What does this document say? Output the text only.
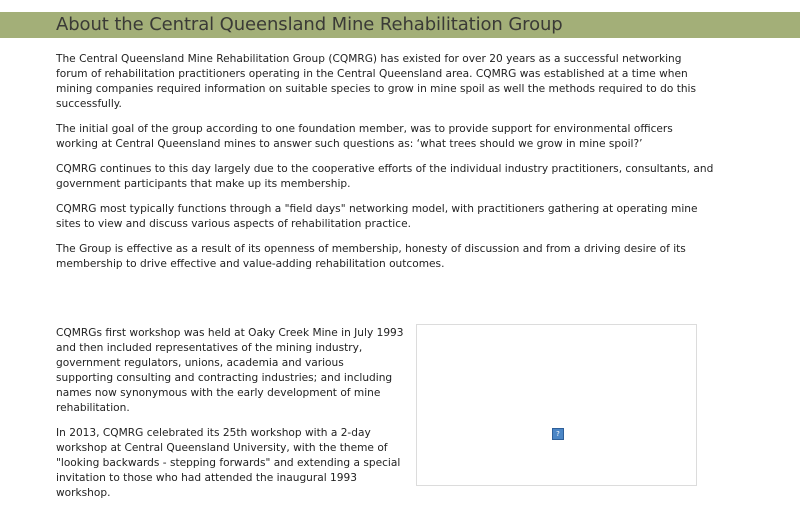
About the Central Queensland Mine Rehabilitation Group

The Central Queensland Mine Rehabilitation Group (CQMRG) has existed for over 20 years as a successful networking forum of rehabilitation practitioners operating in the Central Queensland area. CQMRG was established at a time when mining companies required information on suitable species to grow in mine spoil as well the methods required to do this successfully.

The initial goal of the group according to one foundation member, was to provide support for environmental officers working at Central Queensland mines to answer such questions as: ‘what trees should we grow in mine spoil?’

CQMRG continues to this day largely due to the cooperative efforts of the individual industry practitioners, consultants, and government participants that make up its membership.

CQMRG most typically functions through a "field days" networking model, with practitioners gathering at operating mine sites to view and discuss various aspects of rehabilitation practice.

The Group is effective as a result of its openness of membership, honesty of discussion and from a driving desire of its membership to drive effective and value-adding rehabilitation outcomes.

CQMRGs first workshop was held at Oaky Creek Mine in July 1993 and then included representatives of the mining industry, government regulators, unions, academia and various supporting consulting and contracting industries; and including names now synonymous with the early development of mine rehabilitation.

In 2013, CQMRG celebrated its 25th workshop with a 2-day workshop at Central Queensland University, with the theme of "looking backwards - stepping forwards" and extending a special invitation to those who had attended the inaugural 1993 workshop.

?
